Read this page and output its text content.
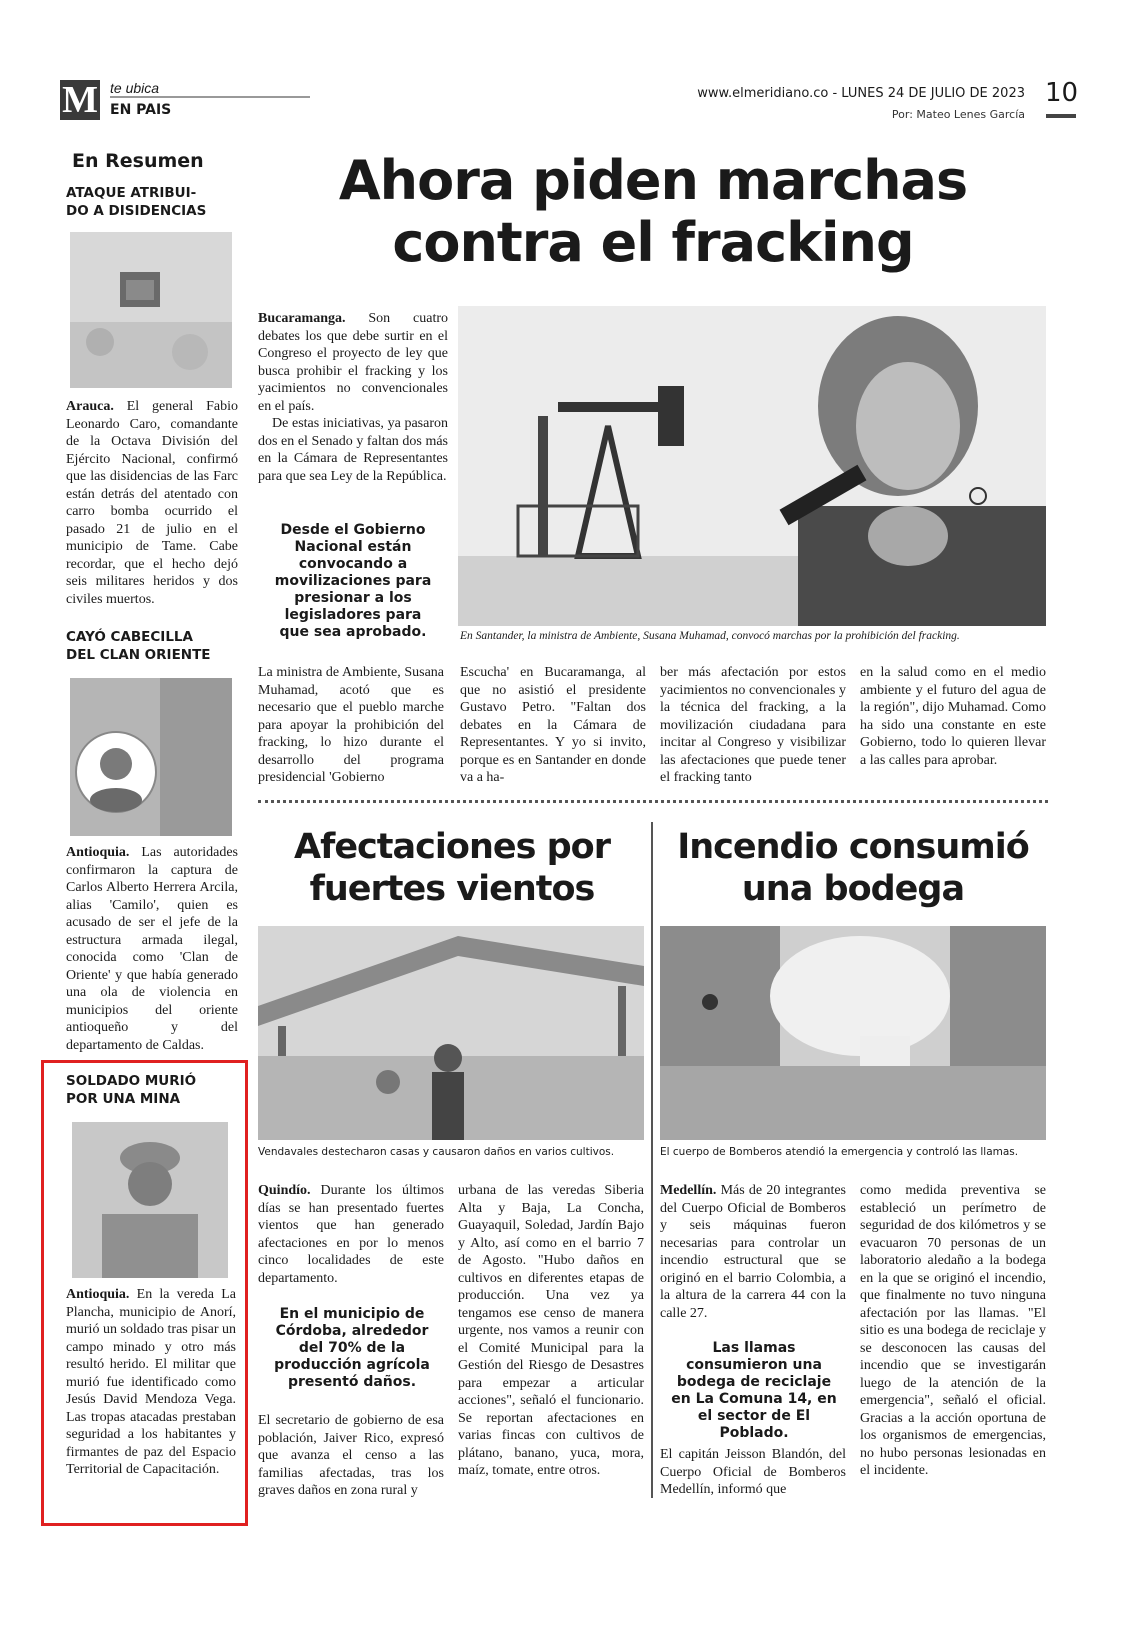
M te ubica
EN PAIS
www.elmeridiano.co - LUNES 24 DE JULIO DE 2023
Por: Mateo Lenes García
10
En Resumen
ATAQUE ATRIBUI-
DO A DISIDENCIAS
Arauca. El general Fabio Leonardo Caro, comandante de la Octava División del Ejército Nacional, confirmó que las disidencias de las Farc están detrás del atentado con carro bomba ocurrido el pasado 21 de julio en el municipio de Tame. Cabe recordar, que el hecho dejó seis militares heridos y dos civiles muertos.
CAYÓ CABECILLA
DEL CLAN ORIENTE
Antioquia. Las autoridades confirmaron la captura de Carlos Alberto Herrera Arcila, alias 'Camilo', quien es acusado de ser el jefe de la estructura armada ilegal, conocida como 'Clan de Oriente' y que había generado una ola de violencia en municipios del oriente antioqueño y del departamento de Caldas.
SOLDADO MURIÓ
POR UNA MINA
Antioquia. En la vereda La Plancha, municipio de Anorí, murió un soldado tras pisar un campo minado y otro más resultó herido. El militar que murió fue identificado como Jesús David Mendoza Vega. Las tropas atacadas prestaban seguridad a los habitantes y firmantes de paz del Espacio Territorial de Capacitación.
Ahora piden marchas
contra el fracking
Bucaramanga. Son cuatro debates los que debe surtir en el Congreso el proyecto de ley que busca prohibir el fracking y los yacimientos no convencionales en el país.
De estas iniciativas, ya pasaron dos en el Senado y faltan dos más en la Cámara de Representantes para que sea Ley de la República.
Desde el Gobierno Nacional están convocando a movilizaciones para presionar a los legisladores para que sea aprobado.	En Santander, la ministra de Ambiente, Susana Muhamad, convocó marchas por la prohibición del fracking.
La ministra de Ambiente, Susana Muhamad, acotó que es necesario que el pueblo marche para apoyar la prohibición del fracking, lo hizo durante el desarrollo del programa presidencial 'Gobierno
Escucha' en Bucaramanga, al que no asistió el presidente Gustavo Petro. "Faltan dos debates en la Cámara de Representantes. Y yo si invito, porque es en Santander en donde va a ha-
ber más afectación por estos yacimientos no convencionales y la técnica del fracking, a la movilización ciudadana para incitar al Congreso y visibilizar las afectaciones que puede tener el fracking tanto
en la salud como en el medio ambiente y el futuro del agua de la región", dijo Muhamad. Como ha sido una constante en este Gobierno, todo lo quieren llevar a las calles para aprobar.
Afectaciones por
fuertes vientos
Vendavales destecharon casas y causaron daños en varios cultivos.
Quindío. Durante los últimos días se han presentado fuertes vientos que han generado afectaciones en por lo menos cinco localidades de este departamento.
En el municipio de Córdoba, alrededor del 70% de la producción agrícola presentó daños.
El secretario de gobierno de esa población, Jaiver Rico, expresó que avanza el censo a las familias afectadas, tras los graves daños en zona rural y
urbana de las veredas Siberia Alta y Baja, La Concha, Guayaquil, Soledad, Jardín Bajo y Alto, así como en el barrio 7 de Agosto. "Hubo daños en cultivos en diferentes etapas de producción. Una vez ya tengamos ese censo de manera urgente, nos vamos a reunir con el Comité Municipal para la Gestión del Riesgo de Desastres para empezar a articular acciones", señaló el funcionario. Se reportan afectaciones en varias fincas con cultivos de plátano, banano, yuca, mora, maíz, tomate, entre otros.
Incendio consumió
una bodega
El cuerpo de Bomberos atendió la emergencia y controló las llamas.
Medellín. Más de 20 integrantes del Cuerpo Oficial de Bomberos y seis máquinas fueron necesarias para controlar un incendio estructural que se originó en el barrio Colombia, a la altura de la carrera 44 con la calle 27.
Las llamas consumieron una bodega de reciclaje en La Comuna 14, en el sector de El Poblado.
El capitán Jeisson Blandón, del Cuerpo Oficial de Bomberos Medellín, informó que
como medida preventiva se estableció un perímetro de seguridad de dos kilómetros y se evacuaron 70 personas de un laboratorio aledaño a la bodega en la que se originó el incendio, que finalmente no tuvo ninguna afectación por las llamas. "El sitio es una bodega de reciclaje y se desconocen las causas del incendio que se investigarán luego de la atención de la emergencia", señaló el oficial. Gracias a la acción oportuna de los organismos de emergencias, no hubo personas lesionadas en el incidente.
